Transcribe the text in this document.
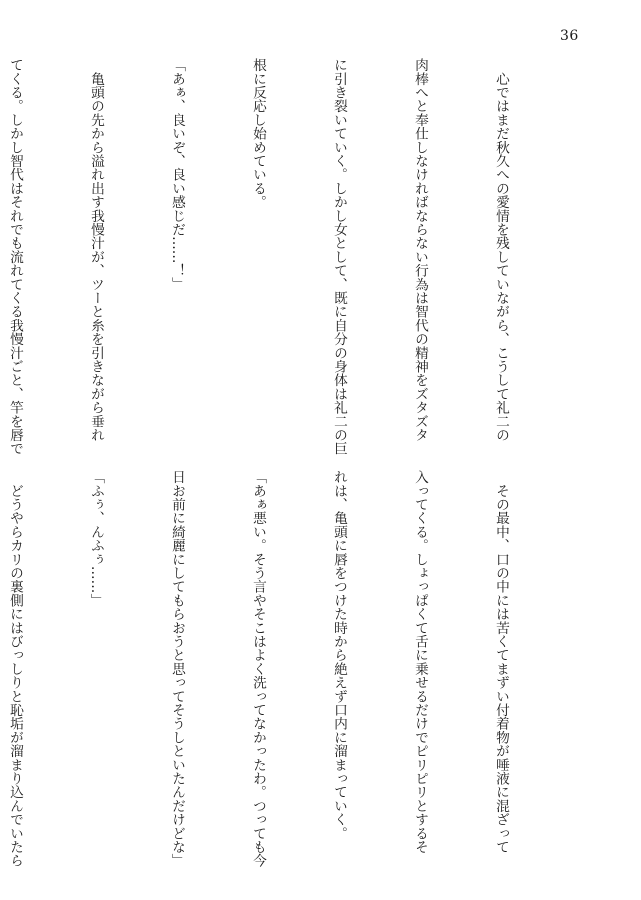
36

　心ではまだ秋久への愛情を残していながら、こうして礼二の

肉棒へと奉仕しなければならない行為は智代の精神をズタズタ

に引き裂いていく。しかし女として、既に自分の身体は礼二の巨

根に反応し始めている。

「あぁ、良いぞ、良い感じだ……！」

　亀頭の先から溢れ出す我慢汁が、ツーと糸を引きながら垂れ

てくる。しかし智代はそれでも流れてくる我慢汁ごと、竿を唇で

　その最中、口の中には苦くてまずい付着物が唾液に混ざって

入ってくる。しょっぱくて舌に乗せるだけでピリピリとするそ

れは、亀頭に唇をつけた時から絶えず口内に溜まっていく。

「あぁ悪い。そう言やそこはよく洗ってなかったわ。つっても今

日お前に綺麗にしてもらおうと思ってそうしといたんだけどな」

「ふぅ、んふぅ……」

　どうやらカリの裏側にはびっしりと恥垢が溜まり込んでいたら
